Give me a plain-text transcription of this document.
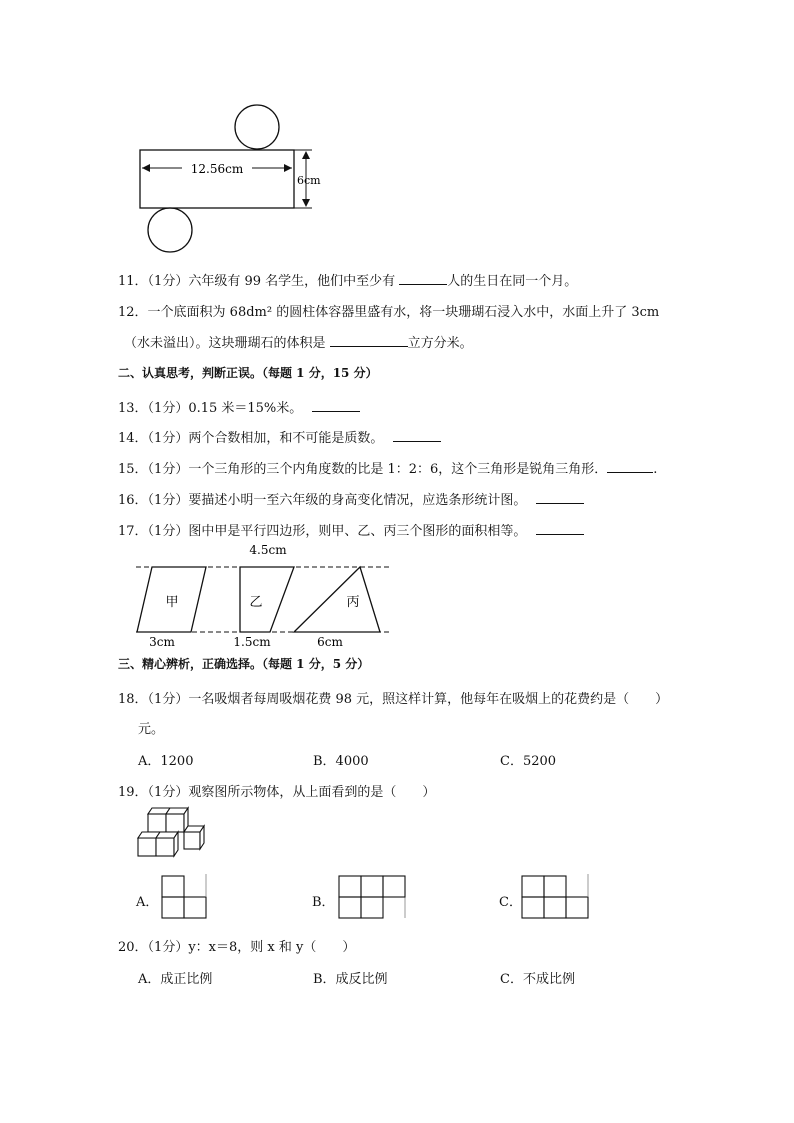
12.56cm
6cm
11．（1分）六年级有 99 名学生，他们中至少有	人的生日在同一个月。
12．一个底面积为 68dm² 的圆柱体容器里盛有水，将一块珊瑚石浸入水中，水面上升了 3cm
（水未溢出）。这块珊瑚石的体积是	立方分米。
二、认真思考，判断正误。（每题 1 分，15 分）
13．（1分）0.15 米＝15%米。
14．（1分）两个合数相加，和不可能是质数。
15．（1分）一个三角形的三个内角度数的比是 1：2：6，这个三角形是锐角三角形．	.
16．（1分）要描述小明一至六年级的身高变化情况，应选条形统计图。
17．（1分）图中甲是平行四边形，则甲、乙、丙三个图形的面积相等。
4.5cm
甲	乙	丙
3cm	1.5cm	6cm
三、精心辨析，正确选择。（每题 1 分，5 分）
18．（1分）一名吸烟者每周吸烟花费 98 元，照这样计算，他每年在吸烟上的花费约是（　　）
元。
A．1200	B．4000	C．5200
19．（1分）观察图所示物体，从上面看到的是（　　）
A．	B．	C．
20．（1分）y：x＝8，则 x 和 y（　　）
A．成正比例	B．成反比例	C．不成比例
